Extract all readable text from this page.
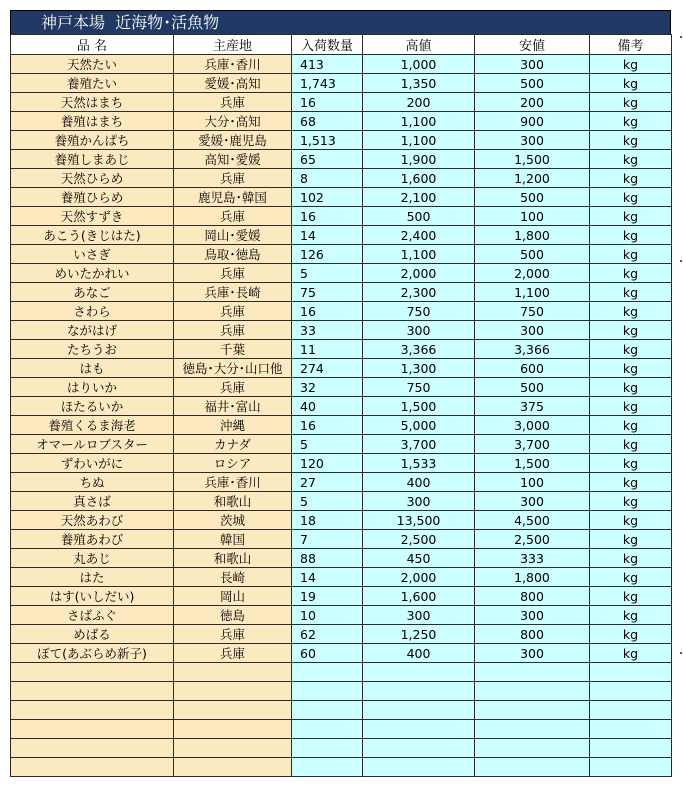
神戸本場  近海物･活魚物
品 名	主産地	入荷数量	高値	安値	備考
天然たい	兵庫･香川	413	1,000	300	kg
養殖たい	愛媛･高知	1,743	1,350	500	kg
天然はまち	兵庫	16	200	200	kg
養殖はまち	大分･高知	68	1,100	900	kg
養殖かんぱち	愛媛･鹿児島	1,513	1,100	300	kg
養殖しまあじ	高知･愛媛	65	1,900	1,500	kg
天然ひらめ	兵庫	8	1,600	1,200	kg
養殖ひらめ	鹿児島･韓国	102	2,100	500	kg
天然すずき	兵庫	16	500	100	kg
あこう(きじはた)	岡山･愛媛	14	2,400	1,800	kg
いさぎ	鳥取･徳島	126	1,100	500	kg
めいたかれい	兵庫	5	2,000	2,000	kg
あなご	兵庫･長崎	75	2,300	1,100	kg
さわら	兵庫	16	750	750	kg
ながはげ	兵庫	33	300	300	kg
たちうお	千葉	11	3,366	3,366	kg
はも	徳島･大分･山口他	274	1,300	600	kg
はりいか	兵庫	32	750	500	kg
ほたるいか	福井･富山	40	1,500	375	kg
養殖くるま海老	沖縄	16	5,000	3,000	kg
オマールロブスター	カナダ	5	3,700	3,700	kg
ずわいがに	ロシア	120	1,533	1,500	kg
ちぬ	兵庫･香川	27	400	100	kg
真さば	和歌山	5	300	300	kg
天然あわび	茨城	18	13,500	4,500	kg
養殖あわび	韓国	7	2,500	2,500	kg
丸あじ	和歌山	88	450	333	kg
はた	長崎	14	2,000	1,800	kg
はす(いしだい)	岡山	19	1,600	800	kg
さばふぐ	徳島	10	300	300	kg
めばる	兵庫	62	1,250	800	kg
ぼて(あぶらめ新子)	兵庫	60	400	300	kg
